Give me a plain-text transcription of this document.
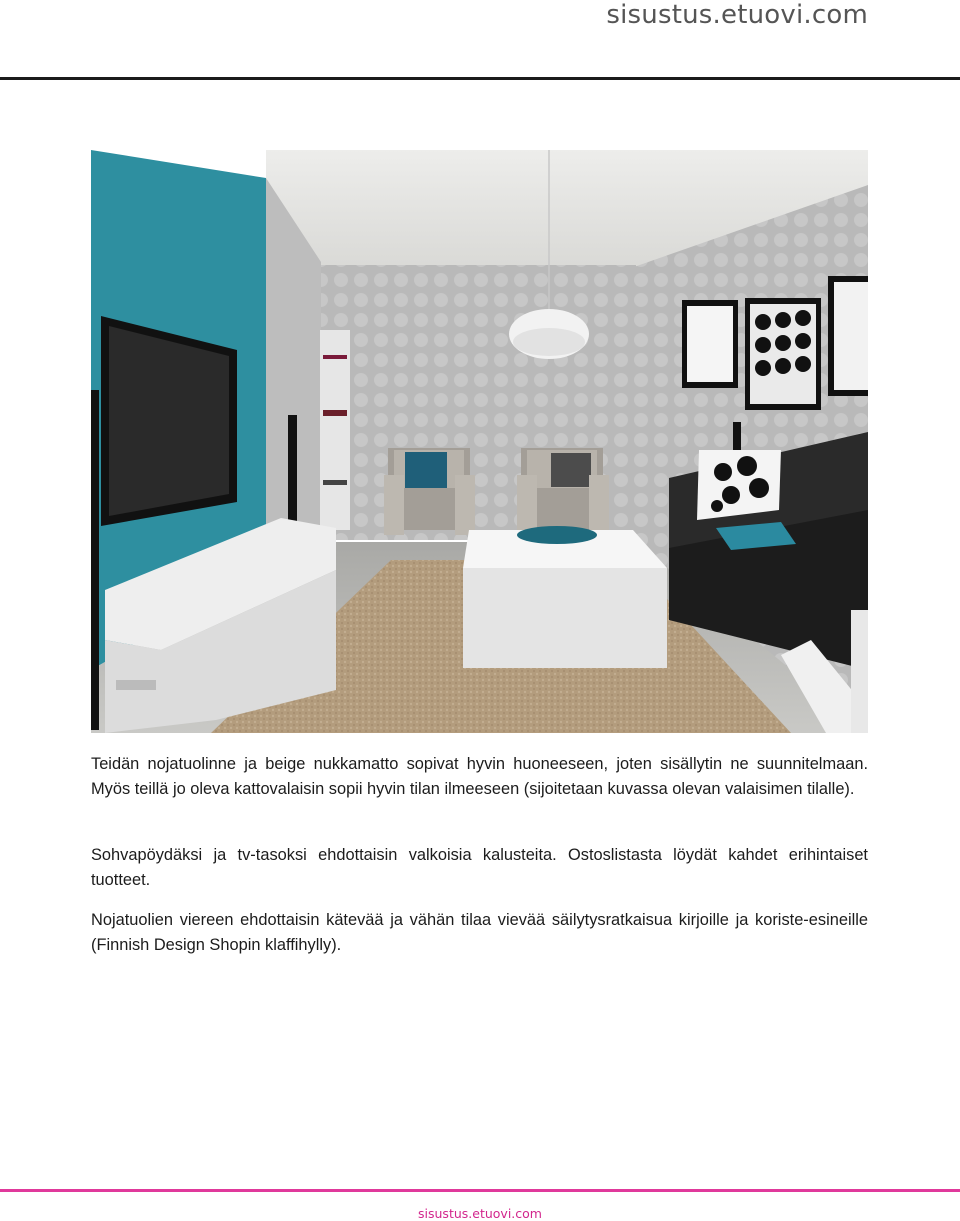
sisustus.etuovi.com

Teidän nojatuolinne ja beige nukkamatto sopivat hyvin huoneeseen, joten sisällytin ne suunnitelmaan. Myös teillä jo oleva kattovalaisin sopii hyvin tilan ilmeeseen (sijoitetaan kuvassa olevan valaisimen tilalle).

Sohvapöydäksi ja tv-tasoksi ehdottaisin valkoisia kalusteita. Ostoslistasta löydät kahdet erihintaiset tuotteet.

Nojatuolien viereen ehdottaisin kätevää ja vähän tilaa vievää säilytysratkaisua kirjoille ja koriste-esineille (Finnish Design Shopin klaffihylly).

sisustus.etuovi.com
